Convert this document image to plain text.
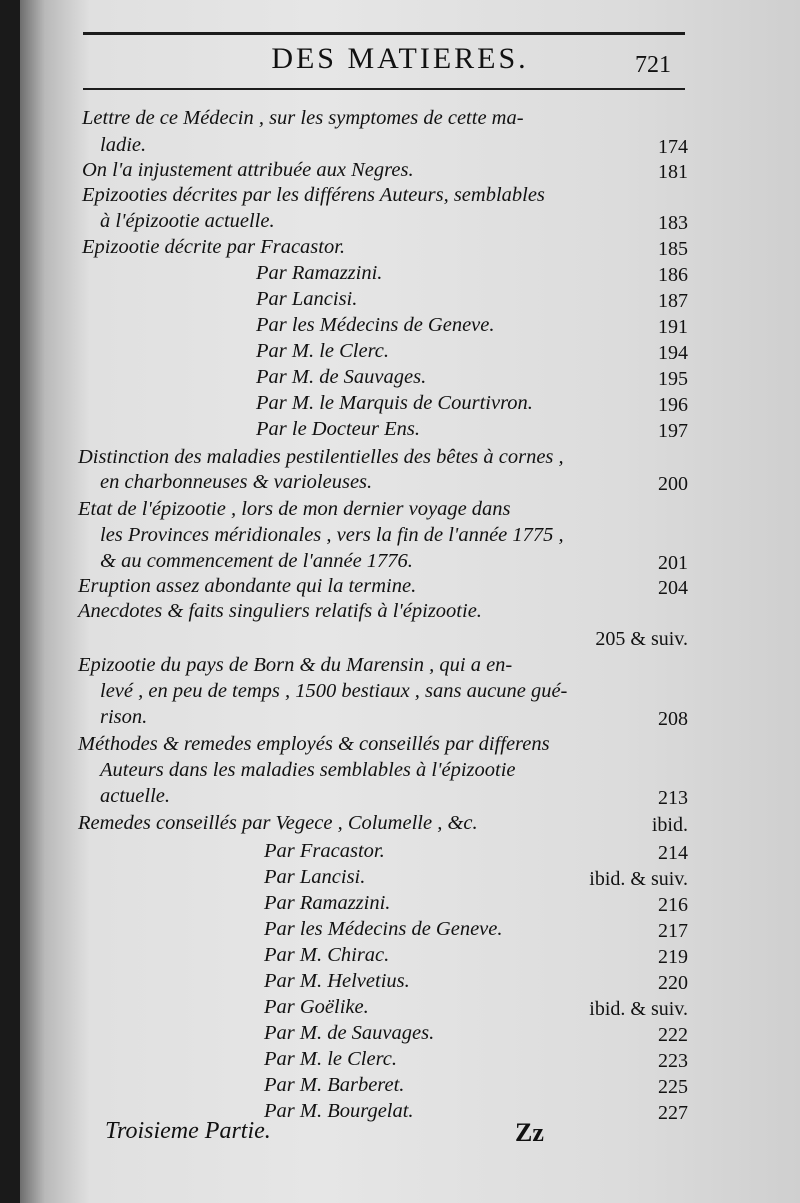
DES MATIERES.	721
Lettre de ce Médecin , sur les symptomes de cette ma-
ladie.	174
On l'a injustement attribuée aux Negres.	181
Epizooties décrites par les différens Auteurs, semblables
à l'épizootie actuelle.	183
Epizootie décrite par Fracastor.	185
Par Ramazzini.	186
Par Lancisi.	187
Par les Médecins de Geneve.	191
Par M. le Clerc.	194
Par M. de Sauvages.	195
Par M. le Marquis de Courtivron.	196
Par le Docteur Ens.	197
Distinction des maladies pestilentielles des bêtes à cornes ,
en charbonneuses & varioleuses.	200
Etat de l'épizootie , lors de mon dernier voyage dans
les Provinces méridionales , vers la fin de l'année 1775 ,
& au commencement de l'année 1776.	201
Eruption assez abondante qui la termine.	204
Anecdotes & faits singuliers relatifs à l'épizootie.
205 & suiv.
Epizootie du pays de Born & du Marensin , qui a en-
levé , en peu de temps , 1500 bestiaux , sans aucune gué-
rison.	208
Méthodes & remedes employés & conseillés par differens
Auteurs dans les maladies semblables à l'épizootie
actuelle.	213
Remedes conseillés par Vegece , Columelle , &c.	ibid.
Par Fracastor.	214
Par Lancisi.	ibid. & suiv.
Par Ramazzini.	216
Par les Médecins de Geneve.	217
Par M. Chirac.	219
Par M. Helvetius.	220
Par Goëlike.	ibid. & suiv.
Par M. de Sauvages.	222
Par M. le Clerc.	223
Par M. Barberet.	225
Par M. Bourgelat.	227
Troisieme Partie.	Zz
